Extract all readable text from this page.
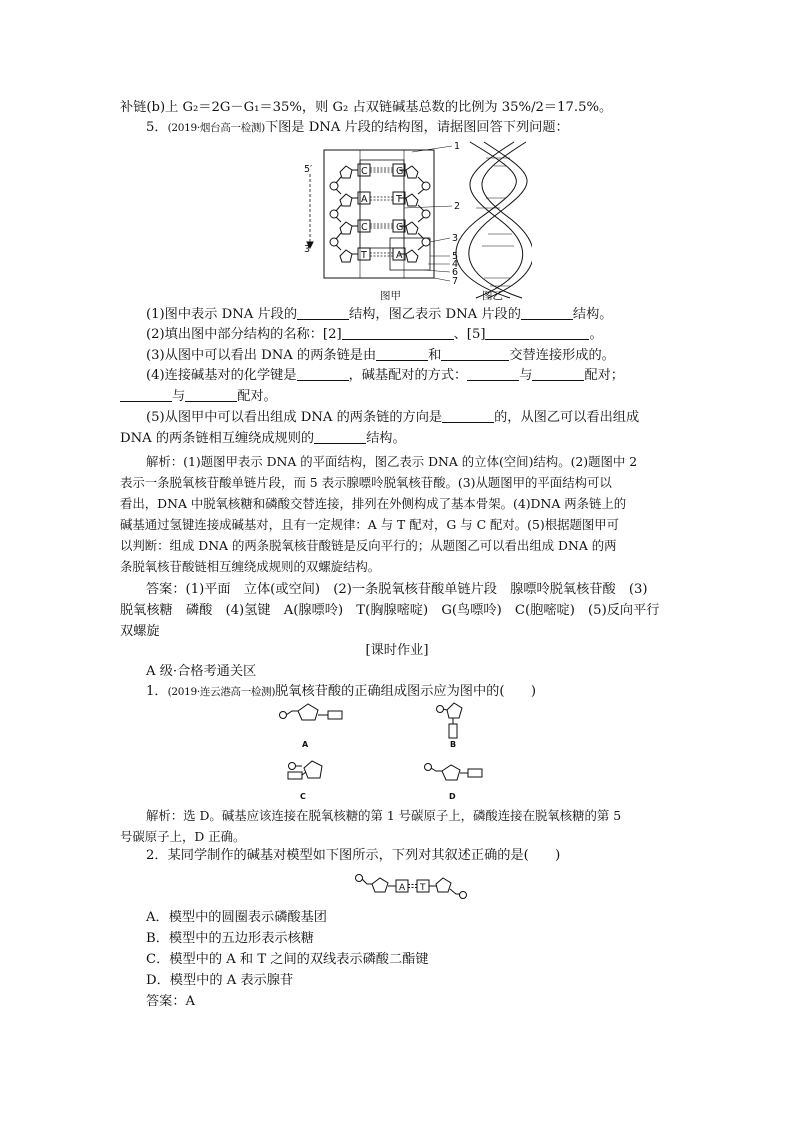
补链(b)上 G₂＝2G－G₁＝35%，则 G₂ 占双链碱基总数的比例为 35%/2＝17.5%。
5．(2019·烟台高一检测)下图是 DNA 片段的结构图，请据图回答下列问题：
C
A
C
T
G
T
G
A
1
2
3
5
4
6
7
5′
3′
图甲	图乙
(1)图中表示 DNA 片段的	结构，图乙表示 DNA 片段的	结构。
(2)填出图中部分结构的名称：[2]	、[5]	。
(3)从图中可以看出 DNA 的两条链是由	和	交替连接形成的。
(4)连接碱基对的化学键是	，碱基配对的方式：	与	配对；
与	配对。
(5)从图甲中可以看出组成 DNA 的两条链的方向是	的，从图乙可以看出组成
DNA 的两条链相互缠绕成规则的	结构。
解析：(1)题图甲表示 DNA 的平面结构，图乙表示 DNA 的立体(空间)结构。(2)题图中 2
表示一条脱氧核苷酸单链片段，而 5 表示腺嘌呤脱氧核苷酸。(3)从题图甲的平面结构可以
看出，DNA 中脱氧核糖和磷酸交替连接，排列在外侧构成了基本骨架。(4)DNA 两条链上的
碱基通过氢键连接成碱基对，且有一定规律：A 与 T 配对，G 与 C 配对。(5)根据题图甲可
以判断：组成 DNA 的两条脱氧核苷酸链是反向平行的；从题图乙可以看出组成 DNA 的两
条脱氧核苷酸链相互缠绕成规则的双螺旋结构。
答案：(1)平面　立体(或空间)　(2)一条脱氧核苷酸单链片段　腺嘌呤脱氧核苷酸　(3)
脱氧核糖　磷酸　(4)氢键　A(腺嘌呤)　T(胸腺嘧啶)　G(鸟嘌呤)　C(胞嘧啶)　(5)反向平行
双螺旋
[课时作业]
A 级·合格考通关区
1．(2019·连云港高一检测)脱氧核苷酸的正确组成图示应为图中的(　　)
A	B
C	D
解析：选 D。碱基应该连接在脱氧核糖的第 1 号碳原子上，磷酸连接在脱氧核糖的第 5
号碳原子上，D 正确。
2．某同学制作的碱基对模型如下图所示，下列对其叙述正确的是(　　)
A T
A．模型中的圆圈表示磷酸基团
B．模型中的五边形表示核糖
C．模型中的 A 和 T 之间的双线表示磷酸二酯键
D．模型中的 A 表示腺苷
答案：A
